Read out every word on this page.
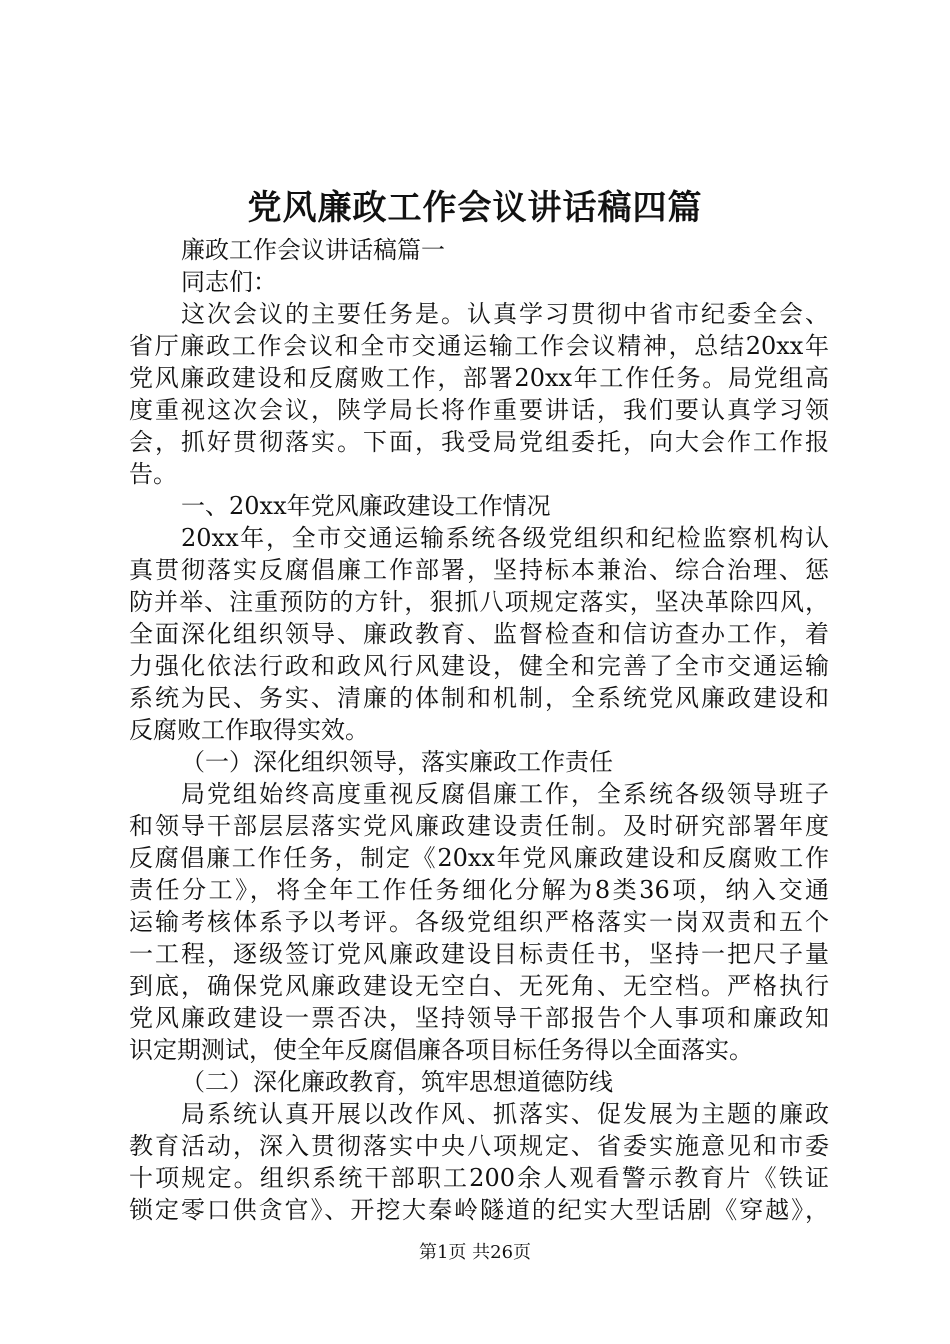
党风廉政工作会议讲话稿四篇
廉政工作会议讲话稿篇一
同志们：
这次会议的主要任务是。认真学习贯彻中省市纪委全会、
省厅廉政工作会议和全市交通运输工作会议精神，总结20xx年
党风廉政建设和反腐败工作，部署20xx年工作任务。局党组高
度重视这次会议，陕学局长将作重要讲话，我们要认真学习领
会，抓好贯彻落实。下面，我受局党组委托，向大会作工作报
告。
一、20xx年党风廉政建设工作情况
20xx年，全市交通运输系统各级党组织和纪检监察机构认
真贯彻落实反腐倡廉工作部署，坚持标本兼治、综合治理、惩
防并举、注重预防的方针，狠抓八项规定落实，坚决革除四风，
全面深化组织领导、廉政教育、监督检查和信访查办工作，着
力强化依法行政和政风行风建设，健全和完善了全市交通运输
系统为民、务实、清廉的体制和机制，全系统党风廉政建设和
反腐败工作取得实效。
（一）深化组织领导，落实廉政工作责任
局党组始终高度重视反腐倡廉工作，全系统各级领导班子
和领导干部层层落实党风廉政建设责任制。及时研究部署年度
反腐倡廉工作任务，制定《20xx年党风廉政建设和反腐败工作
责任分工》，将全年工作任务细化分解为8类36项，纳入交通
运输考核体系予以考评。各级党组织严格落实一岗双责和五个
一工程，逐级签订党风廉政建设目标责任书，坚持一把尺子量
到底，确保党风廉政建设无空白、无死角、无空档。严格执行
党风廉政建设一票否决，坚持领导干部报告个人事项和廉政知
识定期测试，使全年反腐倡廉各项目标任务得以全面落实。
（二）深化廉政教育，筑牢思想道德防线
局系统认真开展以改作风、抓落实、促发展为主题的廉政
教育活动，深入贯彻落实中央八项规定、省委实施意见和市委
十项规定。组织系统干部职工200余人观看警示教育片《铁证
锁定零口供贪官》、开挖大秦岭隧道的纪实大型话剧《穿越》，
第1页 共26页
